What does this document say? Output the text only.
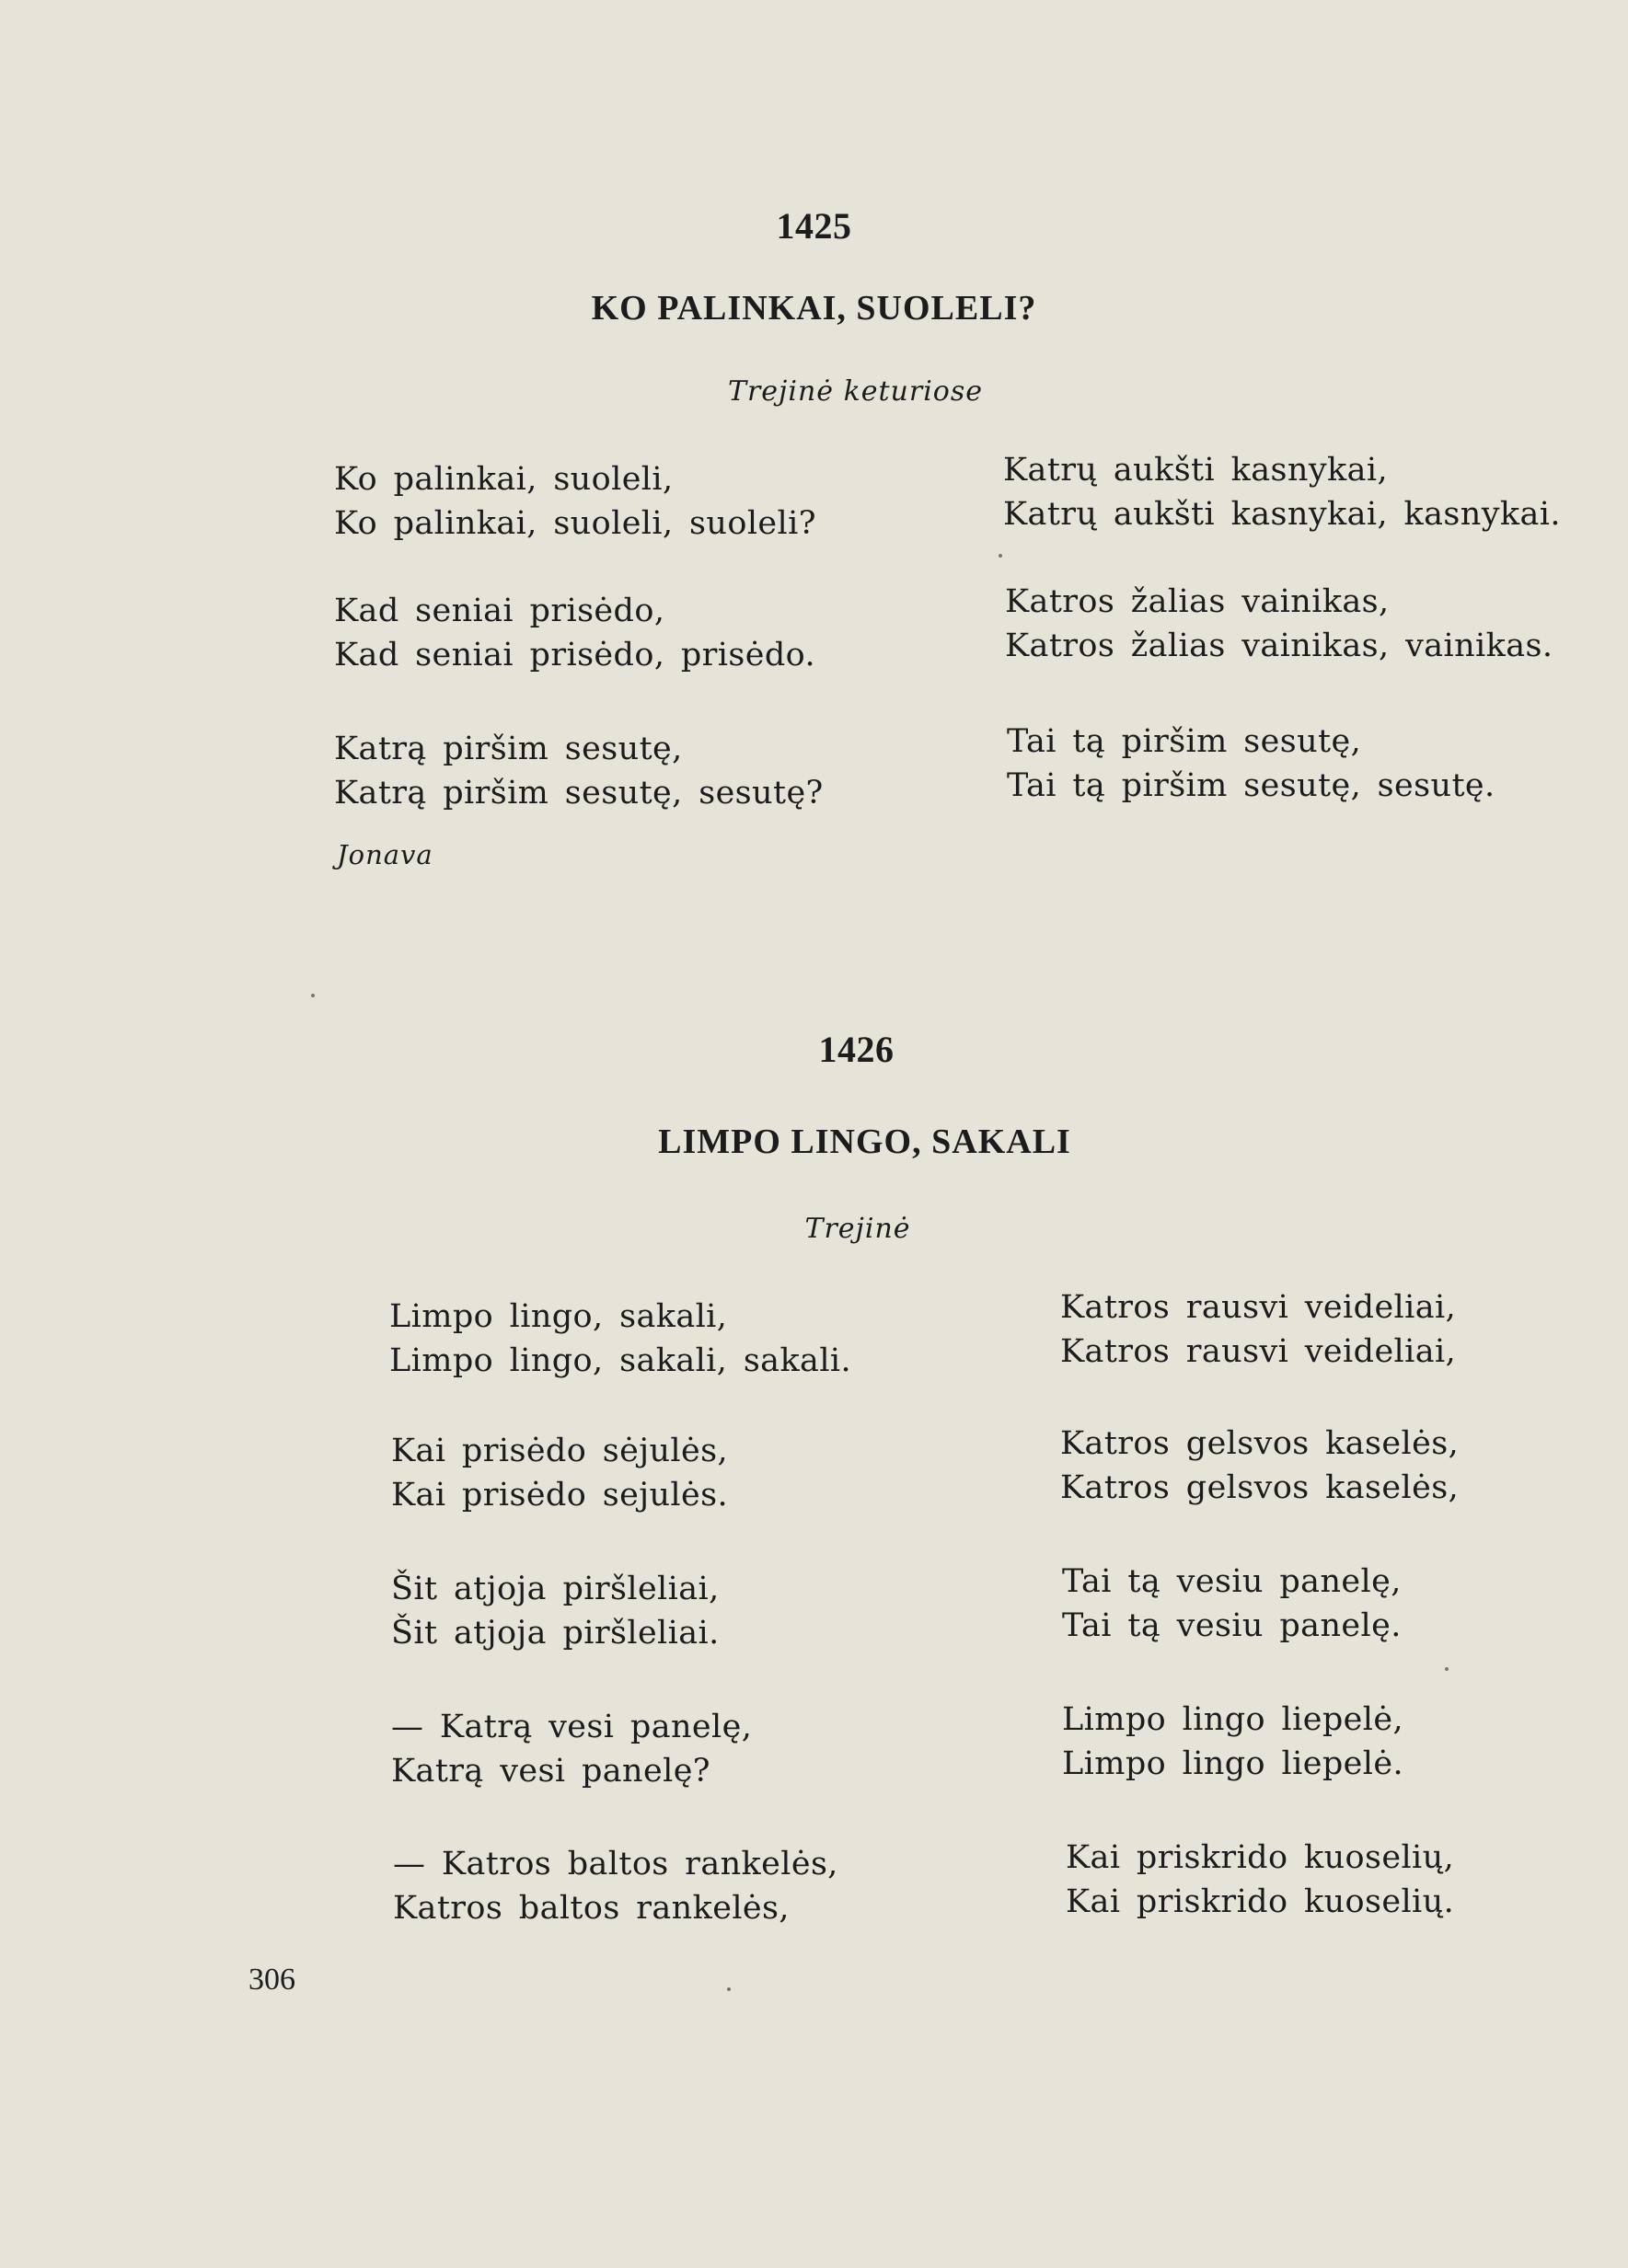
1425
KO PALINKAI, SUOLELI?
Trejinė keturiose
Ko palinkai, suoleli,
Ko palinkai, suoleli, suoleli?
Kad seniai prisėdo,
Kad seniai prisėdo, prisėdo.
Katrą piršim sesutę,
Katrą piršim sesutę, sesutę?
Katrų aukšti kasnykai,
Katrų aukšti kasnykai, kasnykai.
Katros žalias vainikas,
Katros žalias vainikas, vainikas.
Tai tą piršim sesutę,
Tai tą piršim sesutę, sesutę.
Jonava
1426
LIMPO LINGO, SAKALI
Trejinė
Limpo lingo, sakali,
Limpo lingo, sakali, sakali.
Kai prisėdo sėjulės,
Kai prisėdo sejulės.
Šit atjoja piršleliai,
Šit atjoja piršleliai.
— Katrą vesi panelę,
Katrą vesi panelę?
— Katros baltos rankelės,
Katros baltos rankelės,
Katros rausvi veideliai,
Katros rausvi veideliai,
Katros gelsvos kaselės,
Katros gelsvos kaselės,
Tai tą vesiu panelę,
Tai tą vesiu panelę.
Limpo lingo liepelė,
Limpo lingo liepelė.
Kai priskrido kuoselių,
Kai priskrido kuoselių.
306
